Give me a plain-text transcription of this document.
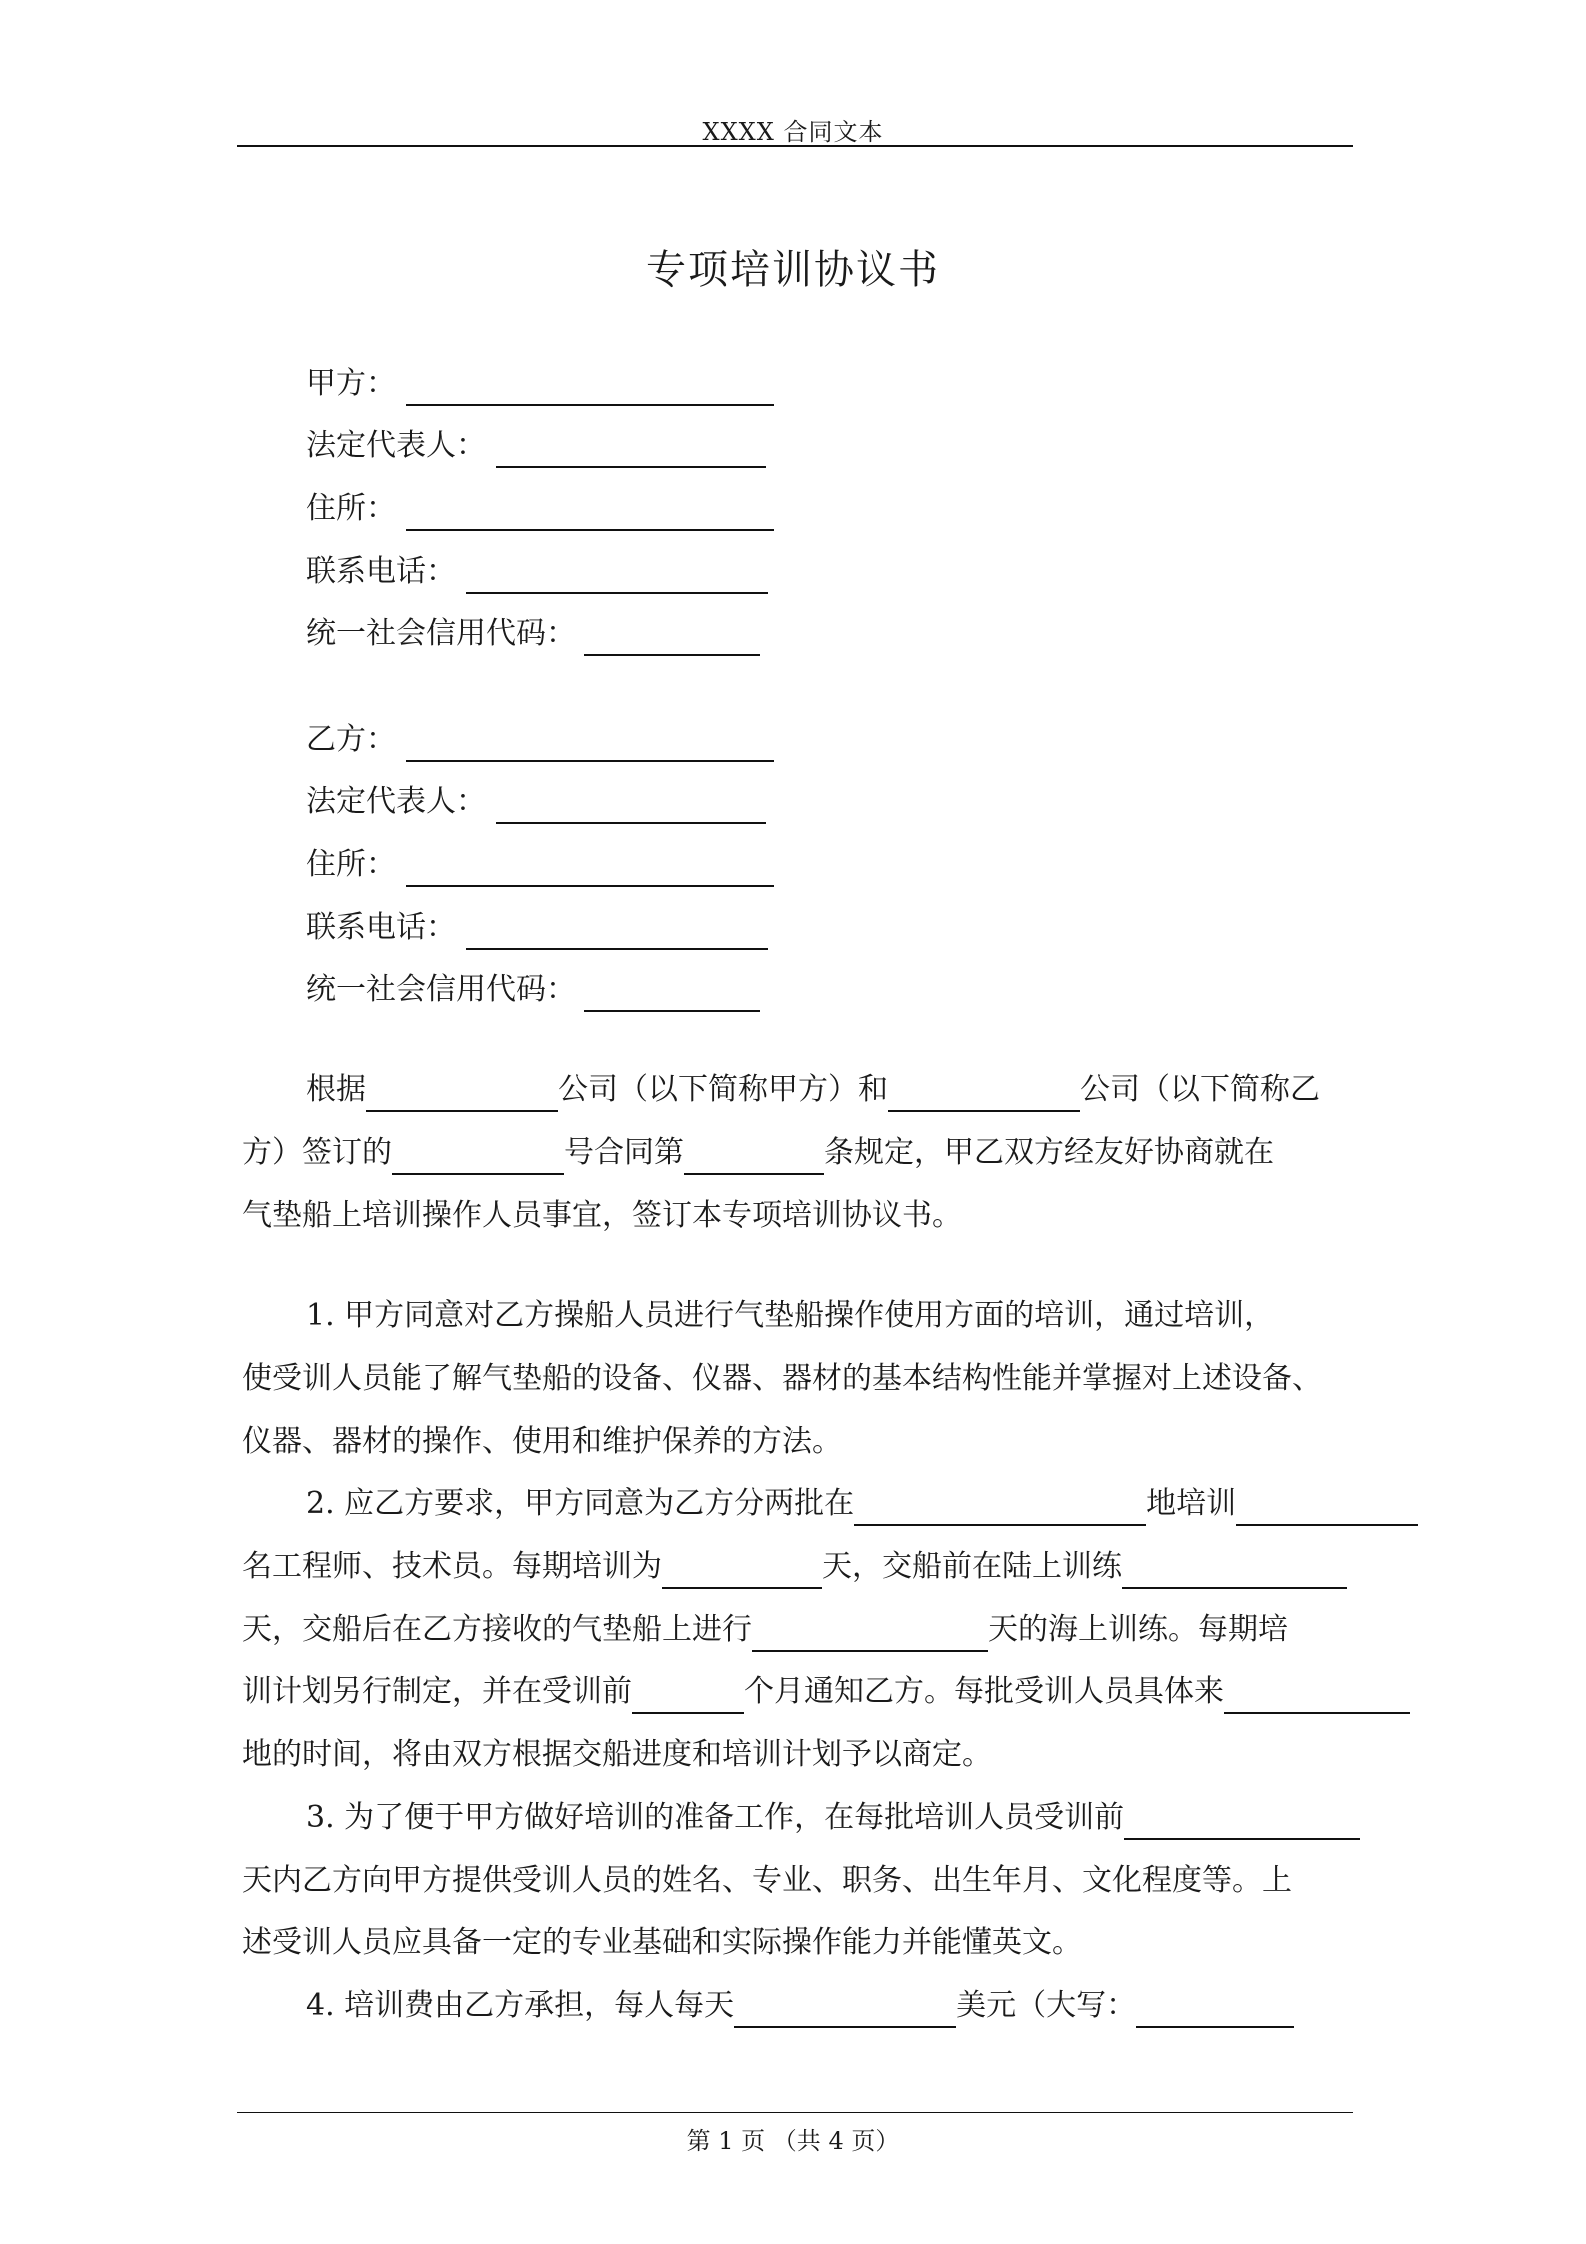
XXXX 合同文本
专项培训协议书
甲方：
法定代表人：
住所：
联系电话：
统一社会信用代码：
乙方：
法定代表人：
住所：
联系电话：
统一社会信用代码：
根据	公司（以下简称甲方）和	公司（以下简称乙
方）签订的	号合同第	条规定，甲乙双方经友好协商就在
气垫船上培训操作人员事宜，签订本专项培训协议书。
1. 甲方同意对乙方操船人员进行气垫船操作使用方面的培训，通过培训，
使受训人员能了解气垫船的设备、仪器、器材的基本结构性能并掌握对上述设备、
仪器、器材的操作、使用和维护保养的方法。
2. 应乙方要求，甲方同意为乙方分两批在	地培训
名工程师、技术员。每期培训为	天，交船前在陆上训练
天，交船后在乙方接收的气垫船上进行	天的海上训练。每期培
训计划另行制定，并在受训前	个月通知乙方。每批受训人员具体来
地的时间，将由双方根据交船进度和培训计划予以商定。
3. 为了便于甲方做好培训的准备工作，在每批培训人员受训前
天内乙方向甲方提供受训人员的姓名、专业、职务、出生年月、文化程度等。上
述受训人员应具备一定的专业基础和实际操作能力并能懂英文。
4. 培训费由乙方承担，每人每天	美元（大写：
第 1 页 （共 4 页）
